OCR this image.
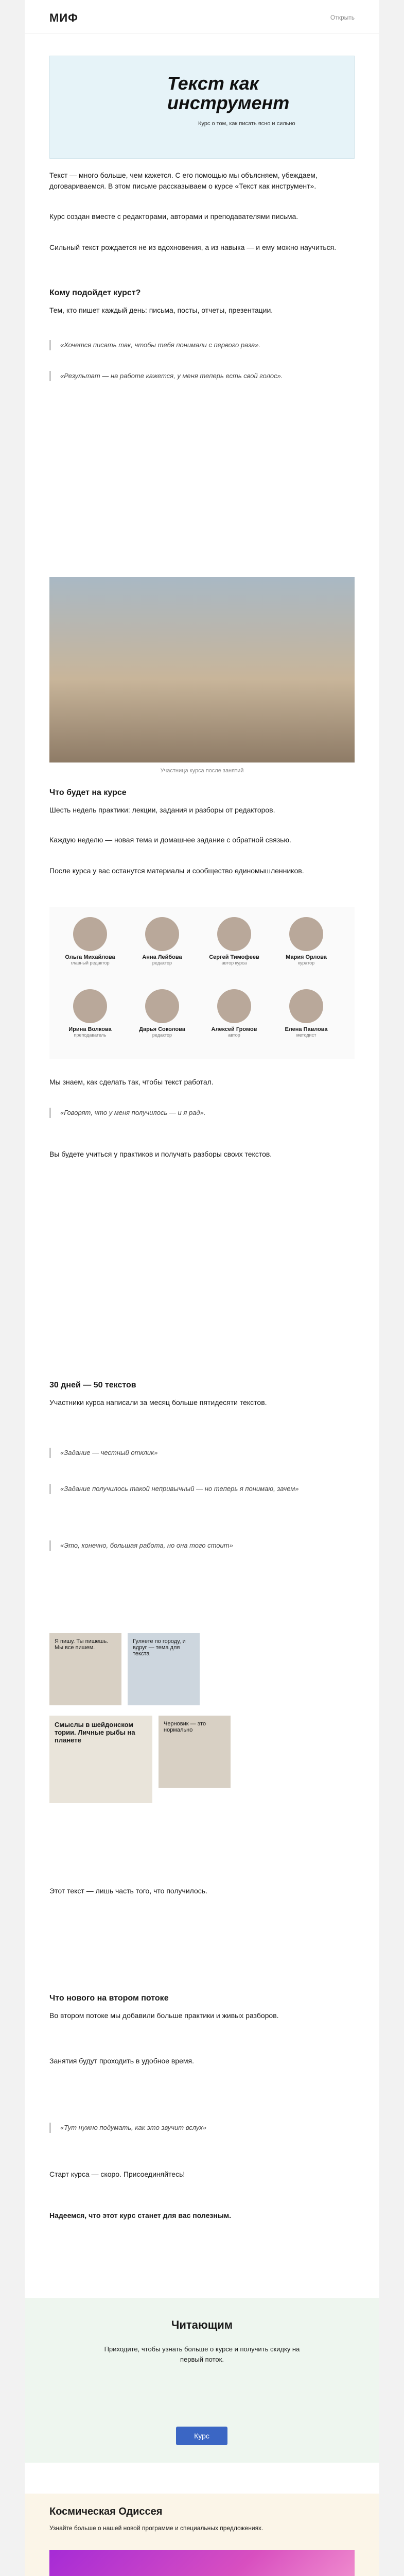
МИФ	Открыть
Текст как
инструмент
Курс о том, как писать ясно и сильно
Текст — много больше, чем кажется. С его помощью мы объясняем, убеждаем, договариваемся. В этом письме рассказываем о курсе «Текст как инструмент».
Курс создан вместе с редакторами, авторами и преподавателями письма.
Сильный текст рождается не из вдохновения, а из навыка — и ему можно научиться.
Кому подойдет курст?
Тем, кто пишет каждый день: письма, посты, отчеты, презентации.
«Хочется писать так, чтобы тебя понимали с первого раза».
«Результат — на работе кажется, у меня теперь есть свой голос».
Участница курса после занятий
Что будет на курсе
Шесть недель практики: лекции, задания и разборы от редакторов.
Каждую неделю — новая тема и домашнее задание с обратной связью.
После курса у вас останутся материалы и сообщество единомышленников.
Ольга Михайлова
главный редактор
Анна Лейбова
редактор
Сергей Тимофеев
автор курса
Мария Орлова
куратор
Ирина Волкова
преподаватель
Дарья Соколова
редактор
Алексей Громов
автор
Елена Павлова
методист
Мы знаем, как сделать так, чтобы текст работал.
«Говорят, что у меня получилось — и я рад».
Вы будете учиться у практиков и получать разборы своих текстов.
30 дней — 50 текстов
Участники курса написали за месяц больше пятидесяти текстов.
«Задание — честный отклик»
«Задание получилось такой непривычный — но теперь я понимаю, зачем»
«Это, конечно, большая работа, но она того стоит»
Я пишу. Ты пишешь. Мы все пишем.
Гуляете по городу, и вдруг — тема для текста
Смыслы в шейдонском тории. Личные рыбы на планете
Черновик — это нормально
Этот текст — лишь часть того, что получилось.
Что нового на втором потоке
Во втором потоке мы добавили больше практики и живых разборов.
Занятия будут проходить в удобное время.
«Тут нужно подумать, как это звучит вслух»
Старт курса — скоро. Присоединяйтесь!
Надеемся, что этот курс станет для вас полезным.
Читающим
Приходите, чтобы узнать больше о курсе и получить скидку на первый поток.
Курс
Космическая Одиссея
Узнайте больше о нашей новой программе и специальных предложениях.
